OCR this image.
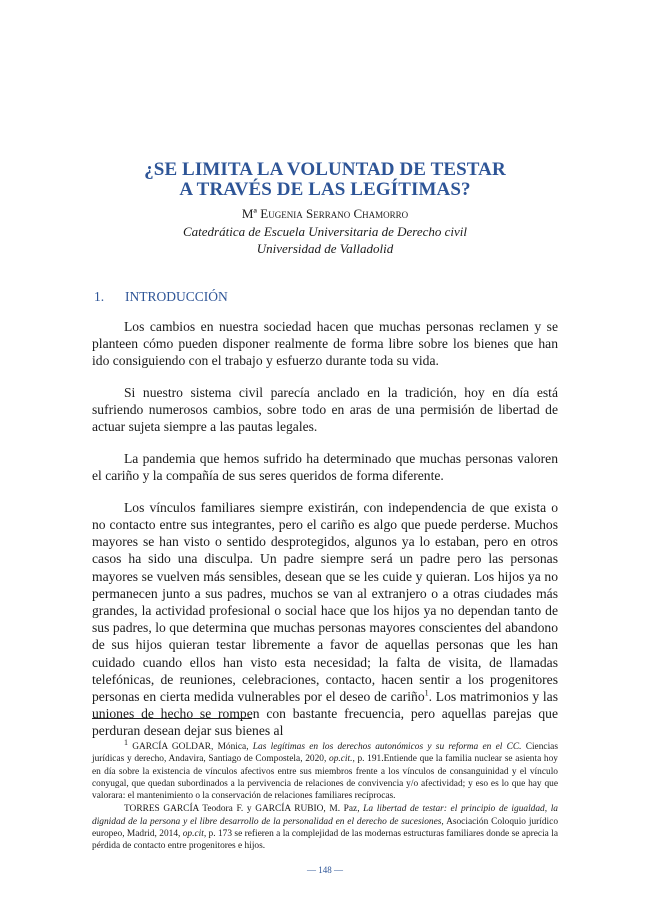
¿SE LIMITA LA VOLUNTAD DE TESTAR
A TRAVÉS DE LAS LEGÍTIMAS?
Mª Eugenia Serrano Chamorro
Catedrática de Escuela Universitaria de Derecho civil
Universidad de Valladolid
1. INTRODUCCIÓN

Los cambios en nuestra sociedad hacen que muchas personas reclamen y se planteen cómo pueden disponer realmente de forma libre sobre los bienes que han ido consiguiendo con el trabajo y esfuerzo durante toda su vida.

Si nuestro sistema civil parecía anclado en la tradición, hoy en día está sufriendo numerosos cambios, sobre todo en aras de una permisión de libertad de actuar sujeta siempre a las pautas legales.

La pandemia que hemos sufrido ha determinado que muchas personas valoren el cariño y la compañía de sus seres queridos de forma diferente.

Los vínculos familiares siempre existirán, con independencia de que exista o no contacto entre sus integrantes, pero el cariño es algo que puede perderse. Muchos mayores se han visto o sentido desprotegidos, algunos ya lo estaban, pero en otros casos ha sido una disculpa. Un padre siempre será un padre pero las personas mayores se vuelven más sensibles, desean que se les cuide y quieran. Los hijos ya no permanecen junto a sus padres, muchos se van al extranjero o a otras ciudades más grandes, la actividad profesional o social hace que los hijos ya no dependan tanto de sus padres, lo que determina que muchas personas mayores conscientes del abandono de sus hijos quieran testar libremente a favor de aquellas personas que les han cuidado cuando ellos han visto esta necesidad; la falta de visita, de llamadas telefónicas, de reuniones, celebraciones, contacto, hacen sentir a los progenitores personas en cierta medida vulnerables por el deseo de cariño$^1$. Los matrimonios y las uniones de hecho se rompen con bastante frecuencia, pero aquellas parejas que perduran desean dejar sus bienes al

$^1$ GARCÍA GOLDAR, Mónica, Las legítimas en los derechos autonómicos y su reforma en el CC. Ciencias jurídicas y derecho, Andavira, Santiago de Compostela, 2020, op.cit., p. 191.Entiende que la familia nuclear se asienta hoy en día sobre la existencia de vínculos afectivos entre sus miembros frente a los vínculos de consanguinidad y el vínculo conyugal, que quedan subordinados a la pervivencia de relaciones de convivencia y/o afectividad; y eso es lo que hay que valorara: el mantenimiento o la conservación de relaciones familiares recíprocas.

TORRES GARCÍA Teodora F. y GARCÍA RUBIO, M. Paz, La libertad de testar: el principio de igualdad, la dignidad de la persona y el libre desarrollo de la personalidad en el derecho de sucesiones, Asociación Coloquio jurídico europeo, Madrid, 2014, op.cit, p. 173 se refieren a la complejidad de las modernas estructuras familiares donde se aprecia la pérdida de contacto entre progenitores e hijos.

— 148 —
